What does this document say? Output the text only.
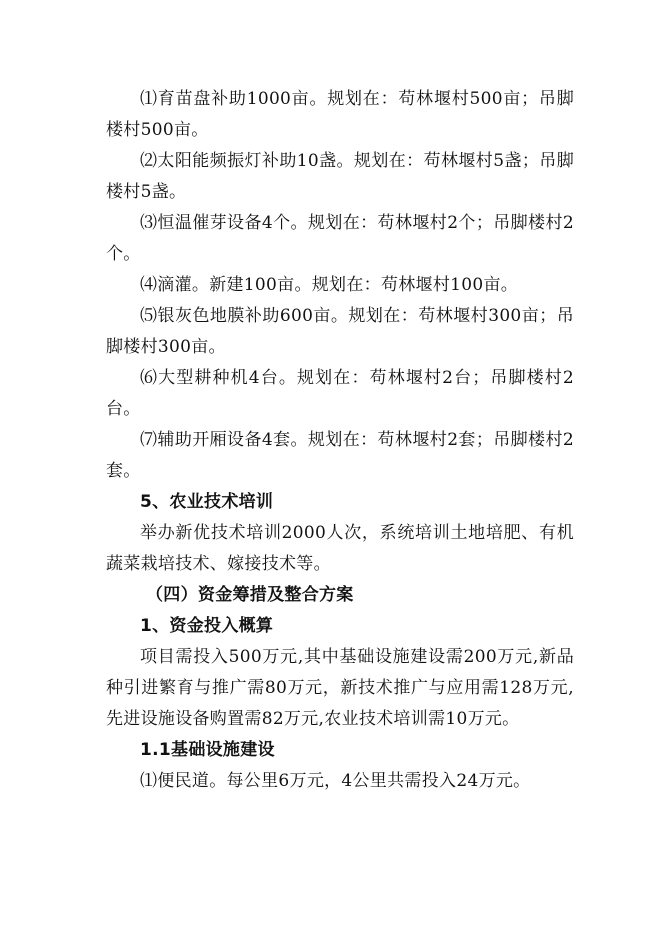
⑴育苗盘补助1000亩。规划在：苟林堰村500亩；吊脚楼村500亩。

⑵太阳能频振灯补助10盏。规划在：苟林堰村5盏；吊脚楼村5盏。

⑶恒温催芽设备4个。规划在：苟林堰村2个；吊脚楼村2个。

⑷滴灌。新建100亩。规划在：苟林堰村100亩。

⑸银灰色地膜补助600亩。规划在：苟林堰村300亩；吊脚楼村300亩。

⑹大型耕种机4台。规划在：苟林堰村2台；吊脚楼村2台。

⑺辅助开厢设备4套。规划在：苟林堰村2套；吊脚楼村2套。

5、农业技术培训

举办新优技术培训2000人次，系统培训土地培肥、有机蔬菜栽培技术、嫁接技术等。

（四）资金筹措及整合方案

1、资金投入概算

项目需投入500万元,其中基础设施建设需200万元,新品种引进繁育与推广需80万元，新技术推广与应用需128万元,先进设施设备购置需82万元,农业技术培训需10万元。

1.1基础设施建设

⑴便民道。每公里6万元，4公里共需投入24万元。
